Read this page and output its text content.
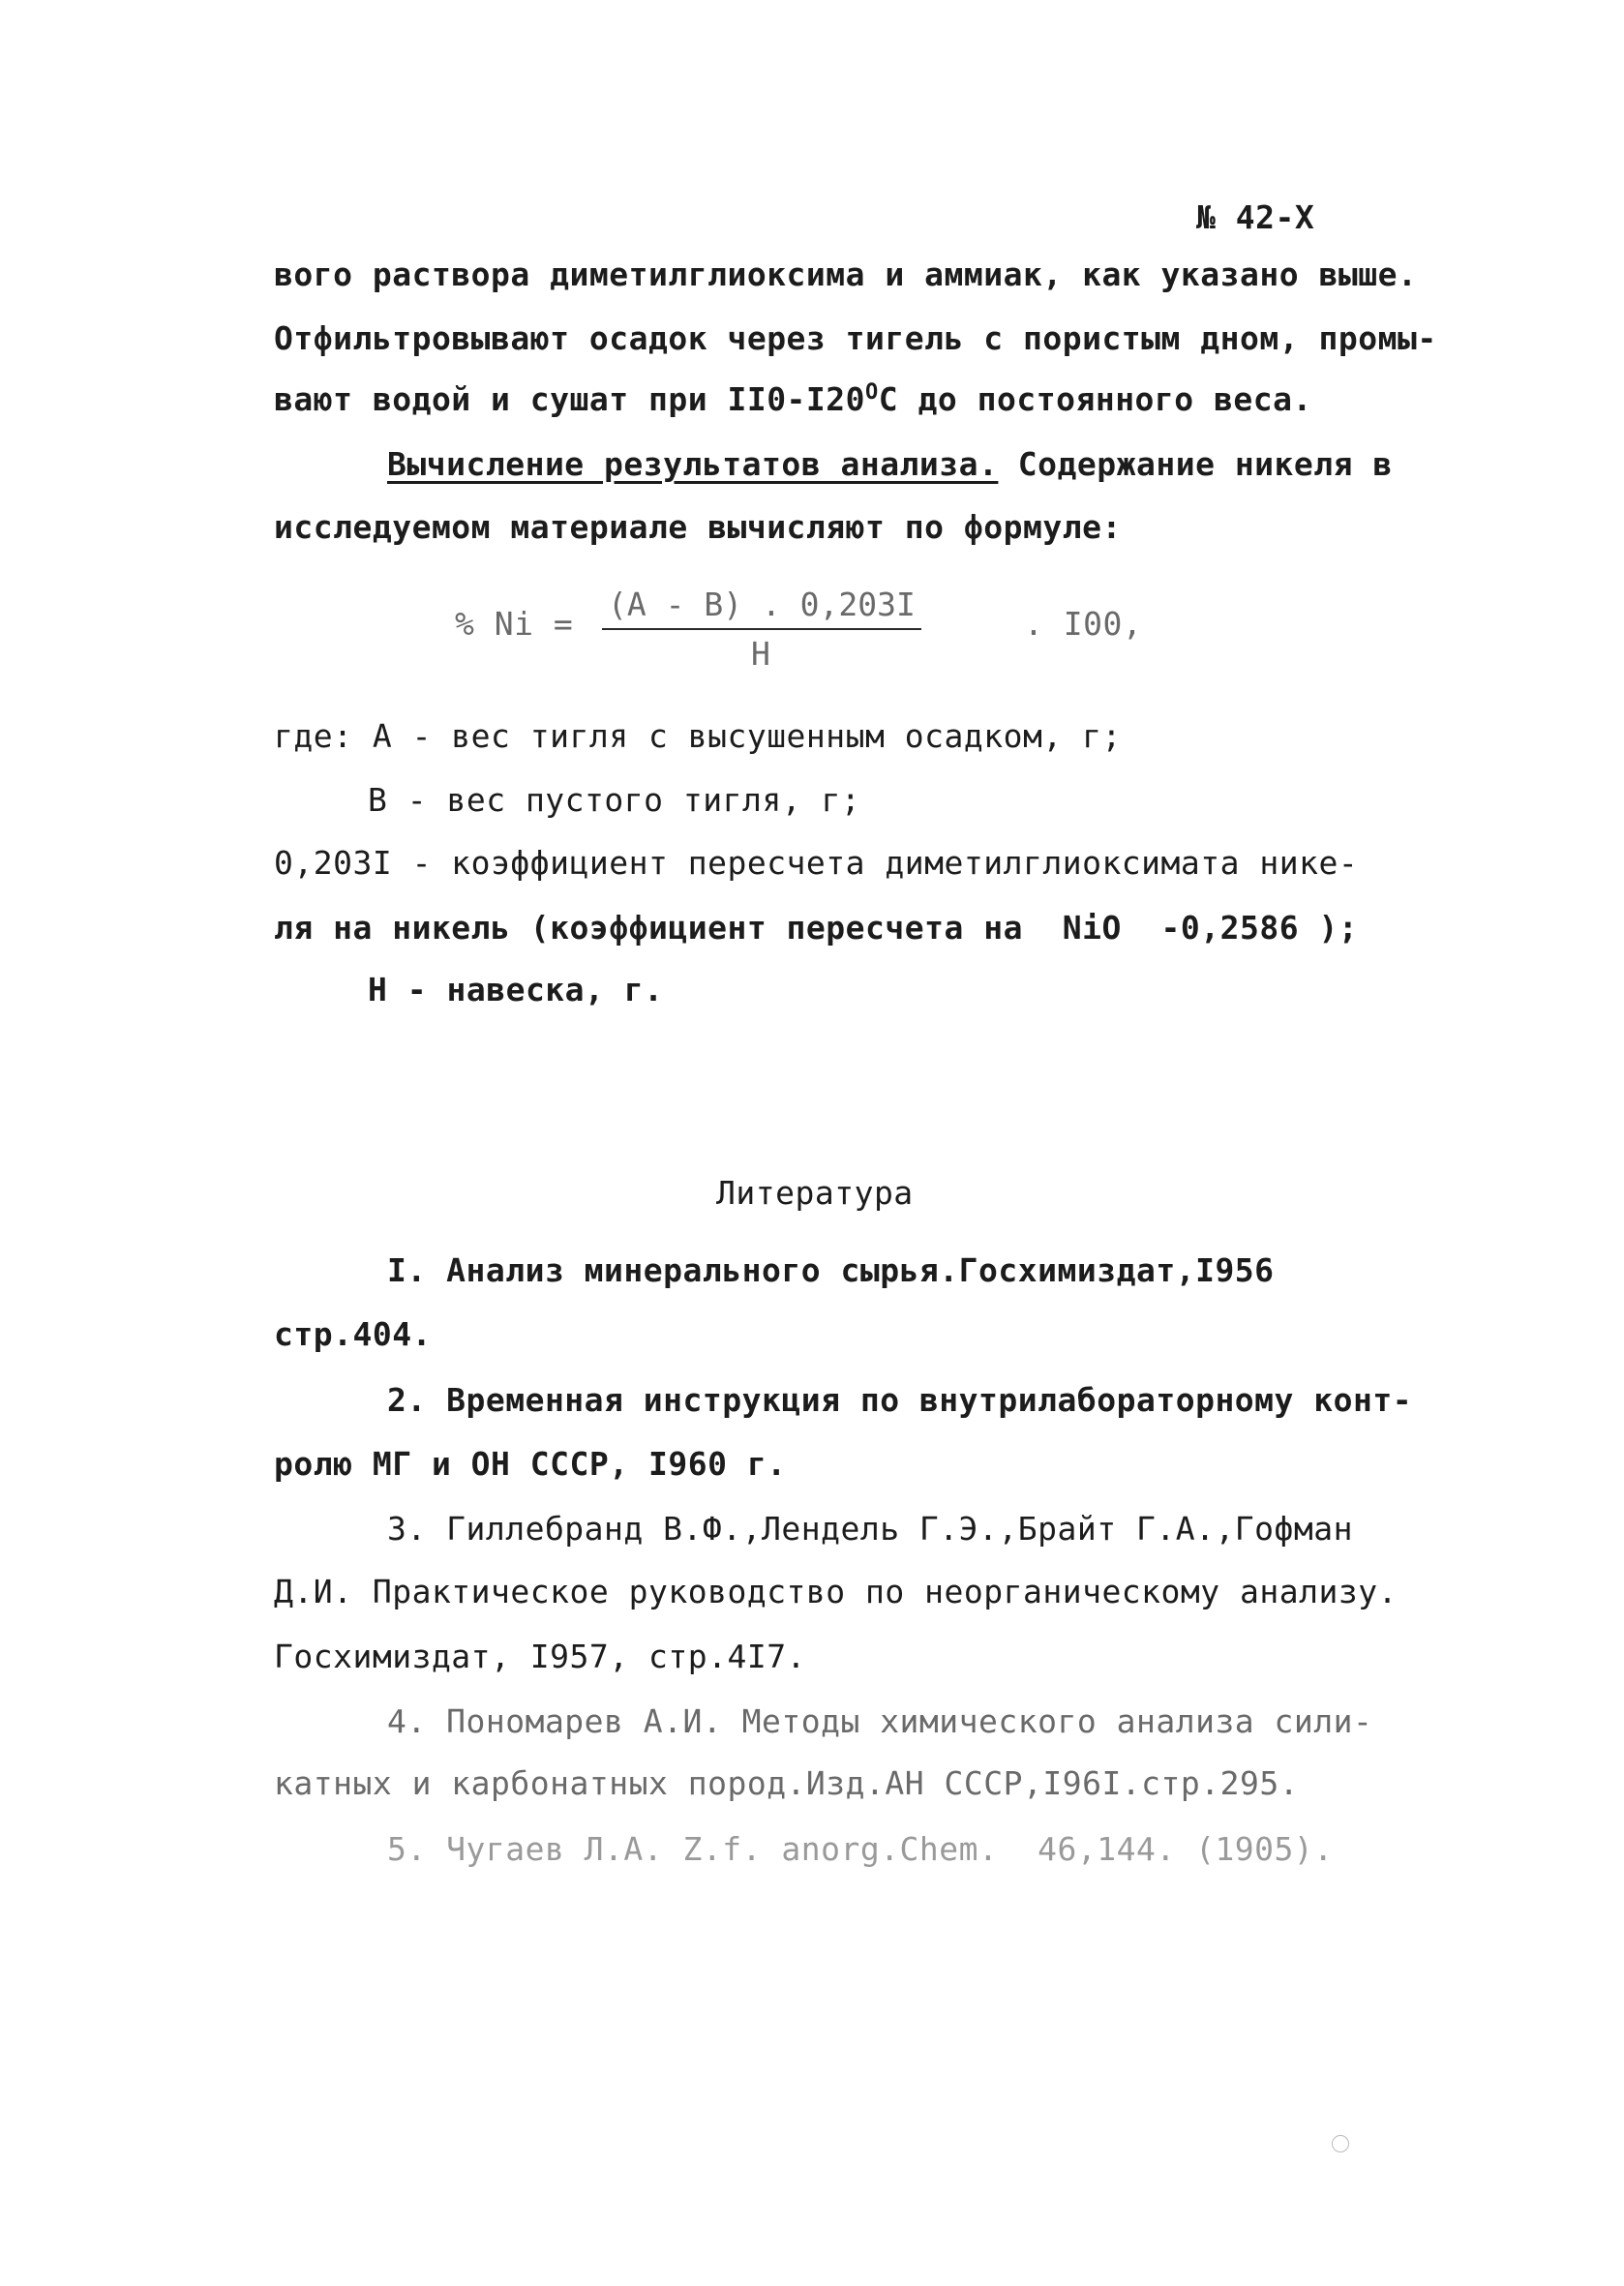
№ 42-Х
вого раствора диметилглиоксима и аммиак, как указано выше.
Отфильтровывают осадок через тигель с пористым дном, промы-
вают водой и сушат при $II0-I20^ОС$ до постоянного веса.
Вычисление результатов анализа. Содержание никеля в
исследуемом материале вычисляют по формуле:
% Ni =
(А - В) . 0,203I
Н
. I00,
где: А - вес тигля с высушенным осадком, г;
В - вес пустого тигля, г;
0,203I - коэффициент пересчета диметилглиоксимата нике-
ля на никель (коэффициент пересчета на  NiО  -0,2586 );
Н - навеска, г.
Литература
I. Анализ минерального сырья.Госхимиздат,I956
стр.404.
2. Временная инструкция по внутрилабораторному конт-
ролю МГ и ОН СССР, I960 г.
3. Гиллебранд В.Ф.,Лендель Г.Э.,Брайт Г.А.,Гофман
Д.И. Практическое руководство по неорганическому анализу.
Госхимиздат, I957, стр.4I7.
4. Пономарев А.И. Методы химического анализа сили-
катных и карбонатных пород.Изд.АН СССР,I96I.стр.295.
5. Чугаев Л.А. Z.f. anorg.Chem.  46,144. (1905).
